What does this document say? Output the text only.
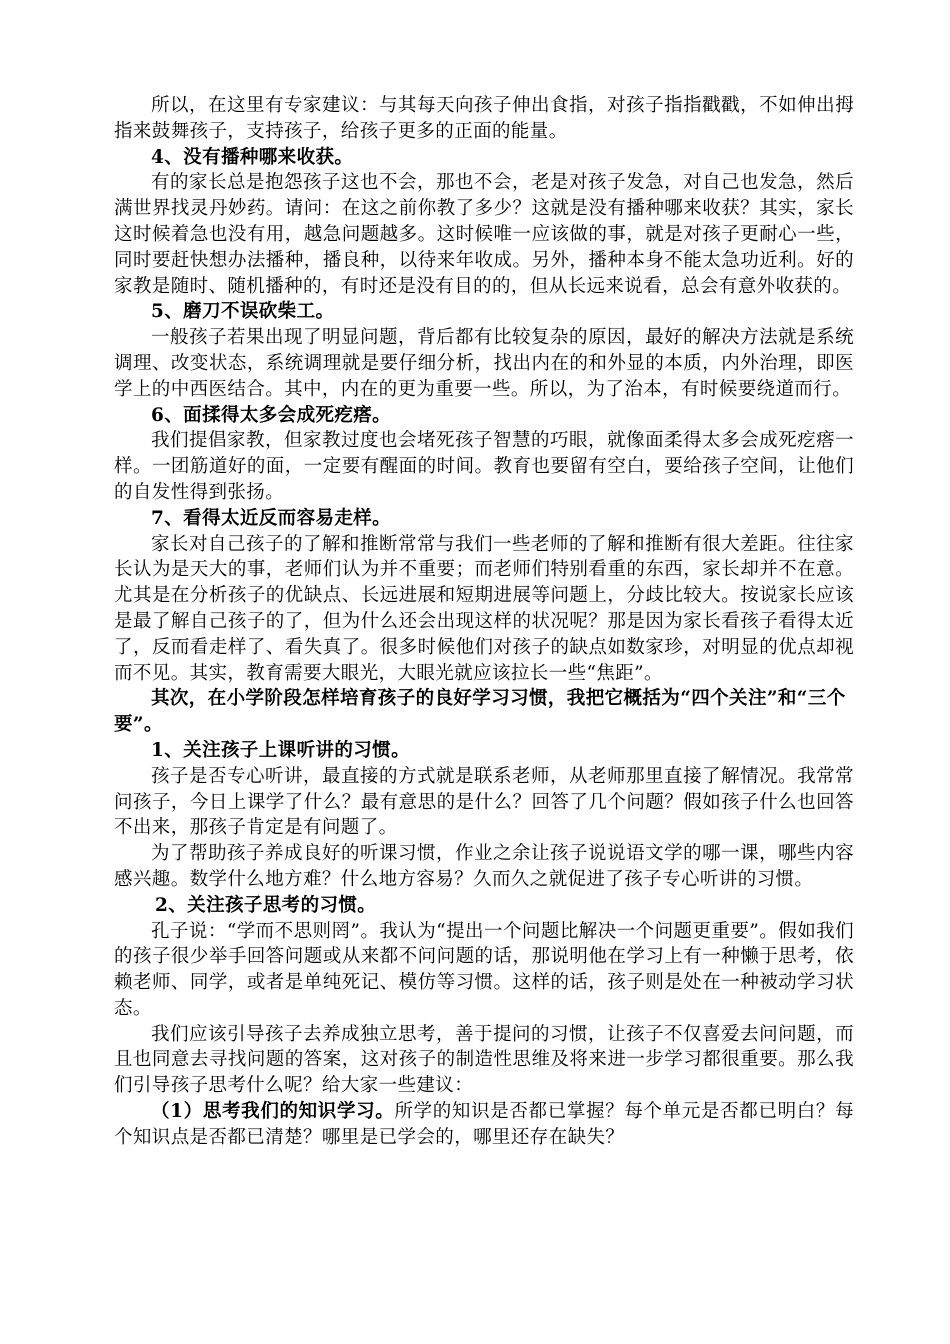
所以，在这里有专家建议：与其每天向孩子伸出食指，对孩子指指戳戳，不如伸出拇指来鼓舞孩子，支持孩子，给孩子更多的正面的能量。

4、没有播种哪来收获。

有的家长总是抱怨孩子这也不会，那也不会，老是对孩子发急，对自己也发急，然后满世界找灵丹妙药。请问：在这之前你教了多少？这就是没有播种哪来收获？其实，家长这时候着急也没有用，越急问题越多。这时候唯一应该做的事，就是对孩子更耐心一些，同时要赶快想办法播种，播良种，以待来年收成。另外，播种本身不能太急功近利。好的家教是随时、随机播种的，有时还是没有目的的，但从长远来说看，总会有意外收获的。

5、磨刀不误砍柴工。

一般孩子若果出现了明显问题，背后都有比较复杂的原因，最好的解决方法就是系统调理、改变状态，系统调理就是要仔细分析，找出内在的和外显的本质，内外治理，即医学上的中西医结合。其中，内在的更为重要一些。所以，为了治本，有时候要绕道而行。

6、面揉得太多会成死疙瘩。

我们提倡家教，但家教过度也会堵死孩子智慧的巧眼，就像面柔得太多会成死疙瘩一样。一团筋道好的面，一定要有醒面的时间。教育也要留有空白，要给孩子空间，让他们的自发性得到张扬。

7、看得太近反而容易走样。

家长对自己孩子的了解和推断常常与我们一些老师的了解和推断有很大差距。往往家长认为是天大的事，老师们认为并不重要；而老师们特别看重的东西，家长却并不在意。尤其是在分析孩子的优缺点、长远进展和短期进展等问题上，分歧比较大。按说家长应该是最了解自己孩子的了，但为什么还会出现这样的状况呢？那是因为家长看孩子看得太近了，反而看走样了、看失真了。很多时候他们对孩子的缺点如数家珍，对明显的优点却视而不见。其实，教育需要大眼光，大眼光就应该拉长一些“焦距”。

其次，在小学阶段怎样培育孩子的良好学习习惯，我把它概括为“四个关注”和“三个要”。

1、关注孩子上课听讲的习惯。

孩子是否专心听讲，最直接的方式就是联系老师，从老师那里直接了解情况。我常常问孩子，今日上课学了什么？最有意思的是什么？回答了几个问题？假如孩子什么也回答不出来，那孩子肯定是有问题了。

为了帮助孩子养成良好的听课习惯，作业之余让孩子说说语文学的哪一课，哪些内容感兴趣。数学什么地方难？什么地方容易？久而久之就促进了孩子专心听讲的习惯。

2、关注孩子思考的习惯。

孔子说：“学而不思则罔”。我认为“提出一个问题比解决一个问题更重要”。假如我们的孩子很少举手回答问题或从来都不问问题的话，那说明他在学习上有一种懒于思考，依赖老师、同学，或者是单纯死记、模仿等习惯。这样的话，孩子则是处在一种被动学习状态。

我们应该引导孩子去养成独立思考，善于提问的习惯，让孩子不仅喜爱去问问题，而且也同意去寻找问题的答案，这对孩子的制造性思维及将来进一步学习都很重要。那么我们引导孩子思考什么呢？给大家一些建议：

（1）思考我们的知识学习。所学的知识是否都已掌握？每个单元是否都已明白？每个知识点是否都已清楚？哪里是已学会的，哪里还存在缺失？
